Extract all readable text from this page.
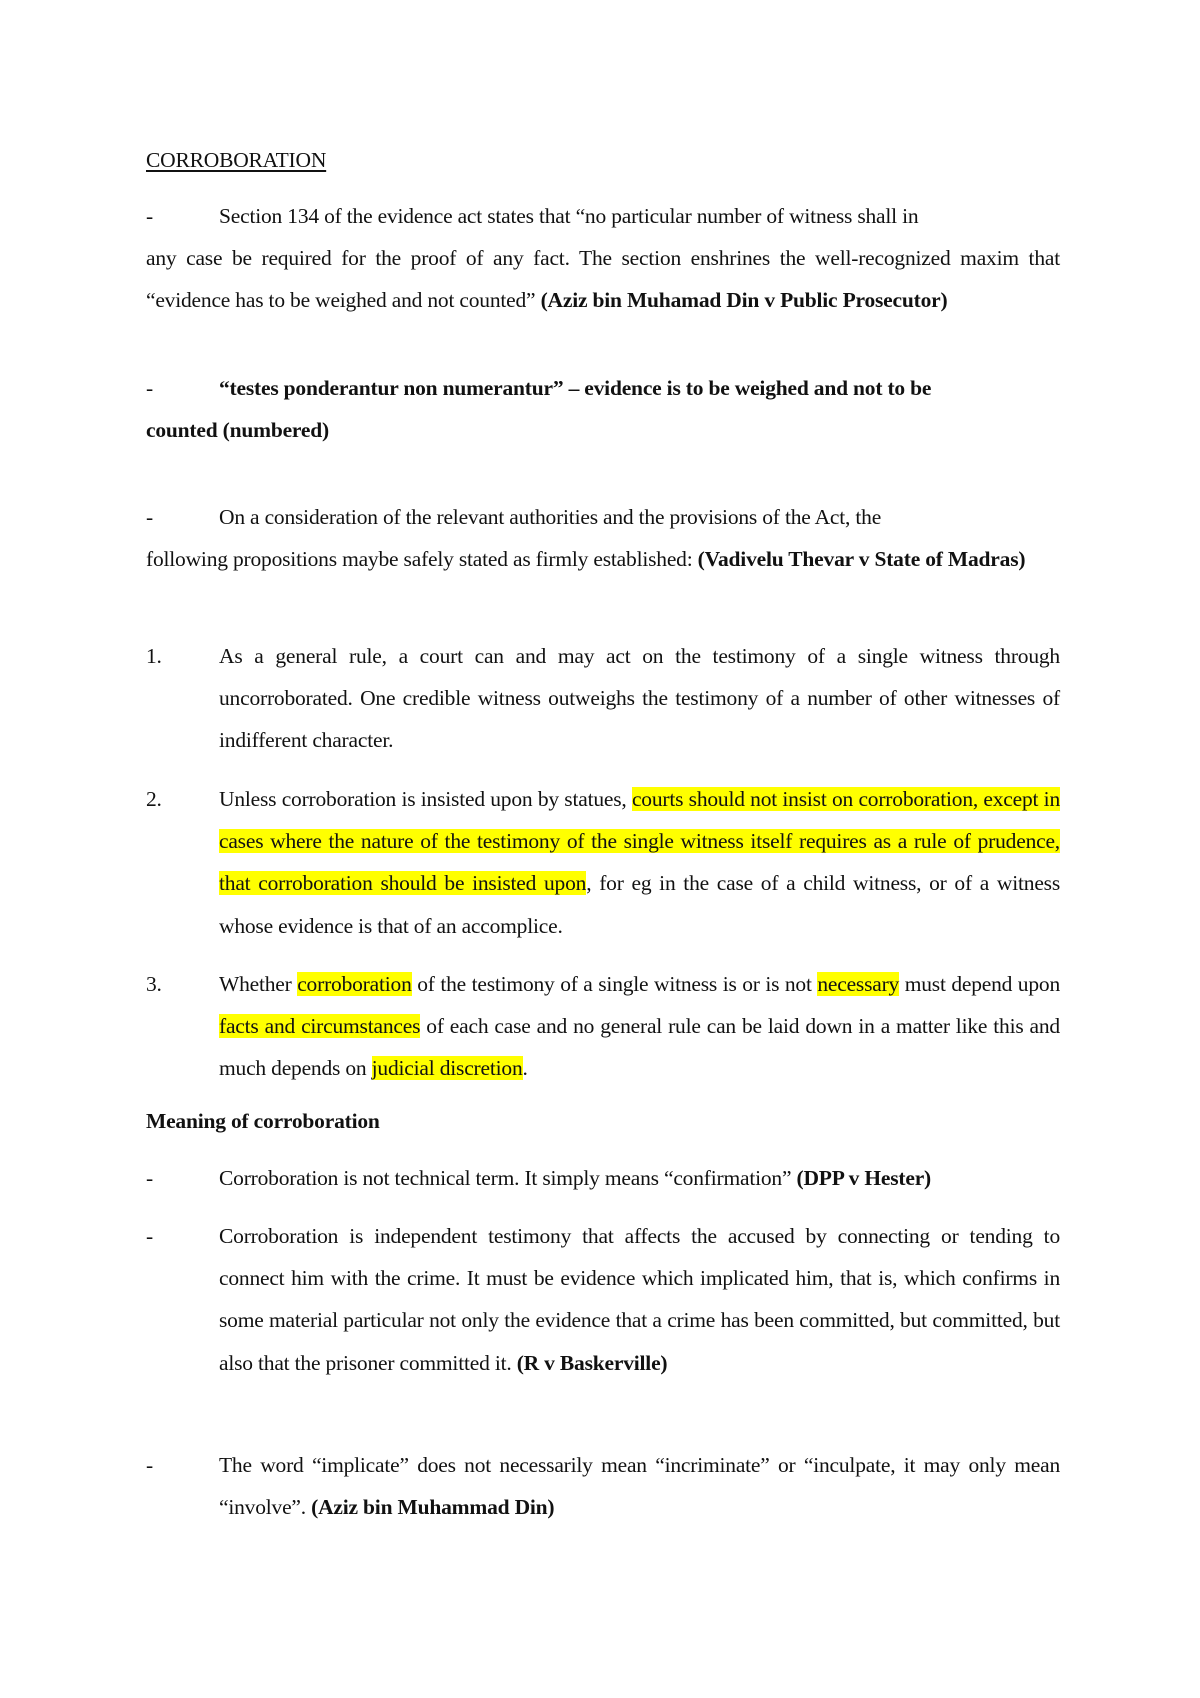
CORROBORATION
-	Section 134 of the evidence act states that “no particular number of witness shall in
any case be required for the proof of any fact. The section enshrines the well-recognized maxim that “evidence has to be weighed and not counted” (Aziz bin Muhamad Din v Public Prosecutor)
-	“testes ponderantur non numerantur” – evidence is to be weighed and not to be
counted (numbered)
-	On a consideration of the relevant authorities and the provisions of the Act, the
following propositions maybe safely stated as firmly established: (Vadivelu Thevar v State of Madras)
1.	As a general rule, a court can and may act on the testimony of a single witness through uncorroborated. One credible witness outweighs the testimony of a number of other witnesses of indifferent character.
2.	Unless corroboration is insisted upon by statues, courts should not insist on corroboration, except in cases where the nature of the testimony of the single witness itself requires as a rule of prudence, that corroboration should be insisted upon, for eg in the case of a child witness, or of a witness whose evidence is that of an accomplice.
3.	Whether corroboration of the testimony of a single witness is or is not necessary must depend upon facts and circumstances of each case and no general rule can be laid down in a matter like this and much depends on judicial discretion.
Meaning of corroboration
-	Corroboration is not technical term. It simply means “confirmation” (DPP v Hester)
-	Corroboration is independent testimony that affects the accused by connecting or tending to connect him with the crime. It must be evidence which implicated him, that is, which confirms in some material particular not only the evidence that a crime has been committed, but committed, but also that the prisoner committed it. (R v Baskerville)
-	The word “implicate” does not necessarily mean “incriminate” or “inculpate, it may only mean “involve”. (Aziz bin Muhammad Din)
